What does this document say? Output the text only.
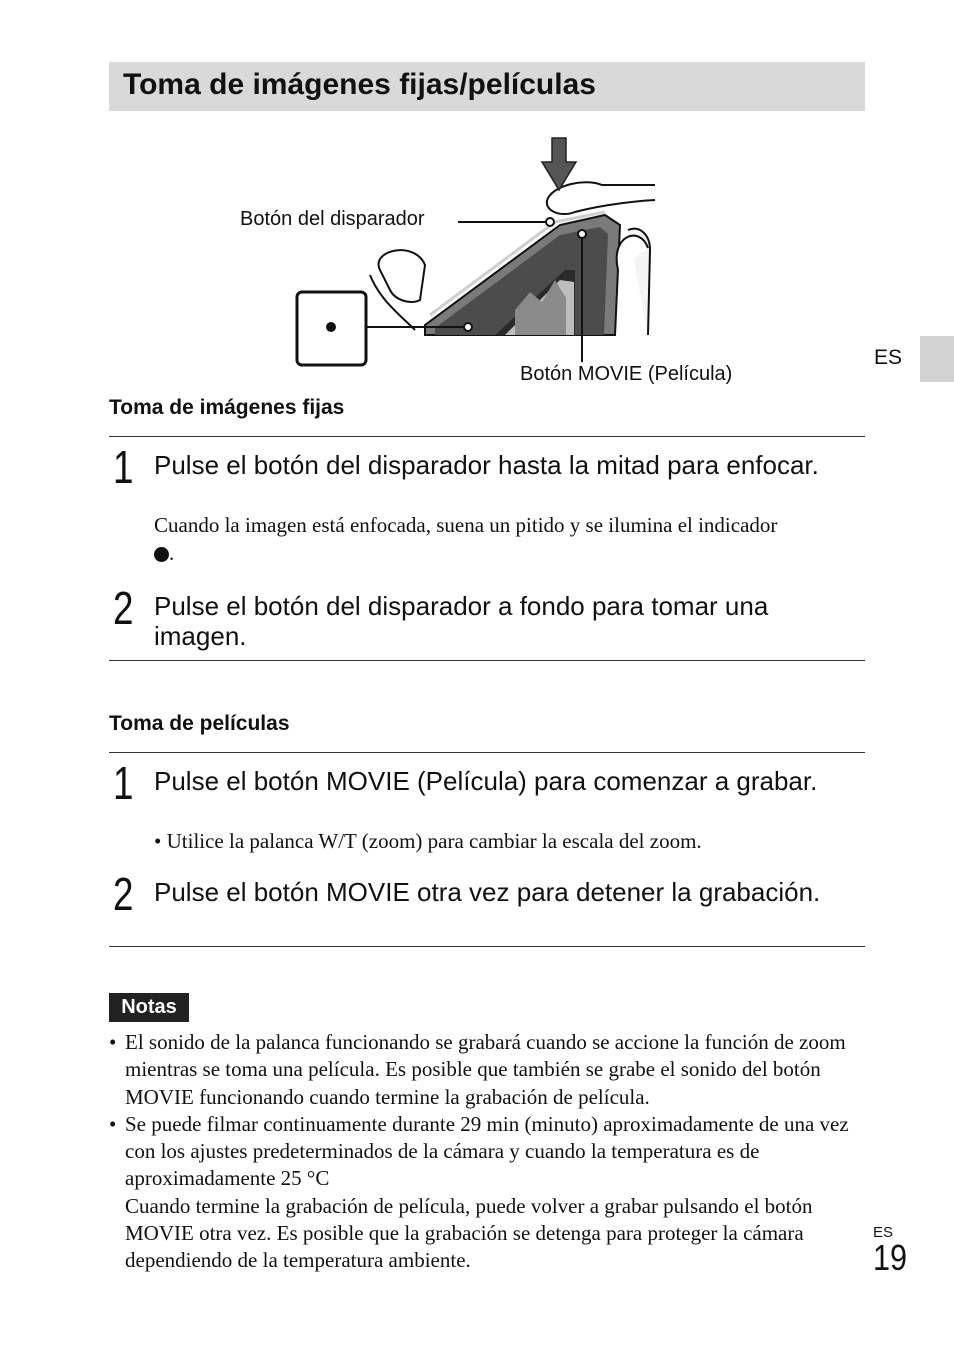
Toma de imágenes fijas/películas
ES
Botón del disparador
Botón MOVIE (Película)
Toma de imágenes fijas
1 Pulse el botón del disparador hasta la mitad para enfocar.
Cuando la imagen está enfocada, suena un pitido y se ilumina el indicador
.
2 Pulse el botón del disparador a fondo para tomar una imagen.
Toma de películas
1 Pulse el botón MOVIE (Película) para comenzar a grabar.
• Utilice la palanca W/T (zoom) para cambiar la escala del zoom.
2 Pulse el botón MOVIE otra vez para detener la grabación.
Notas
• El sonido de la palanca funcionando se grabará cuando se accione la función de zoom mientras se toma una película. Es posible que también se grabe el sonido del botón MOVIE funcionando cuando termine la grabación de película.
• Se puede filmar continuamente durante 29 min (minuto) aproximadamente de una vez con los ajustes predeterminados de la cámara y cuando la temperatura es de aproximadamente 25 °C
Cuando termine la grabación de película, puede volver a grabar pulsando el botón MOVIE otra vez. Es posible que la grabación se detenga para proteger la cámara dependiendo de la temperatura ambiente.
ES
19
